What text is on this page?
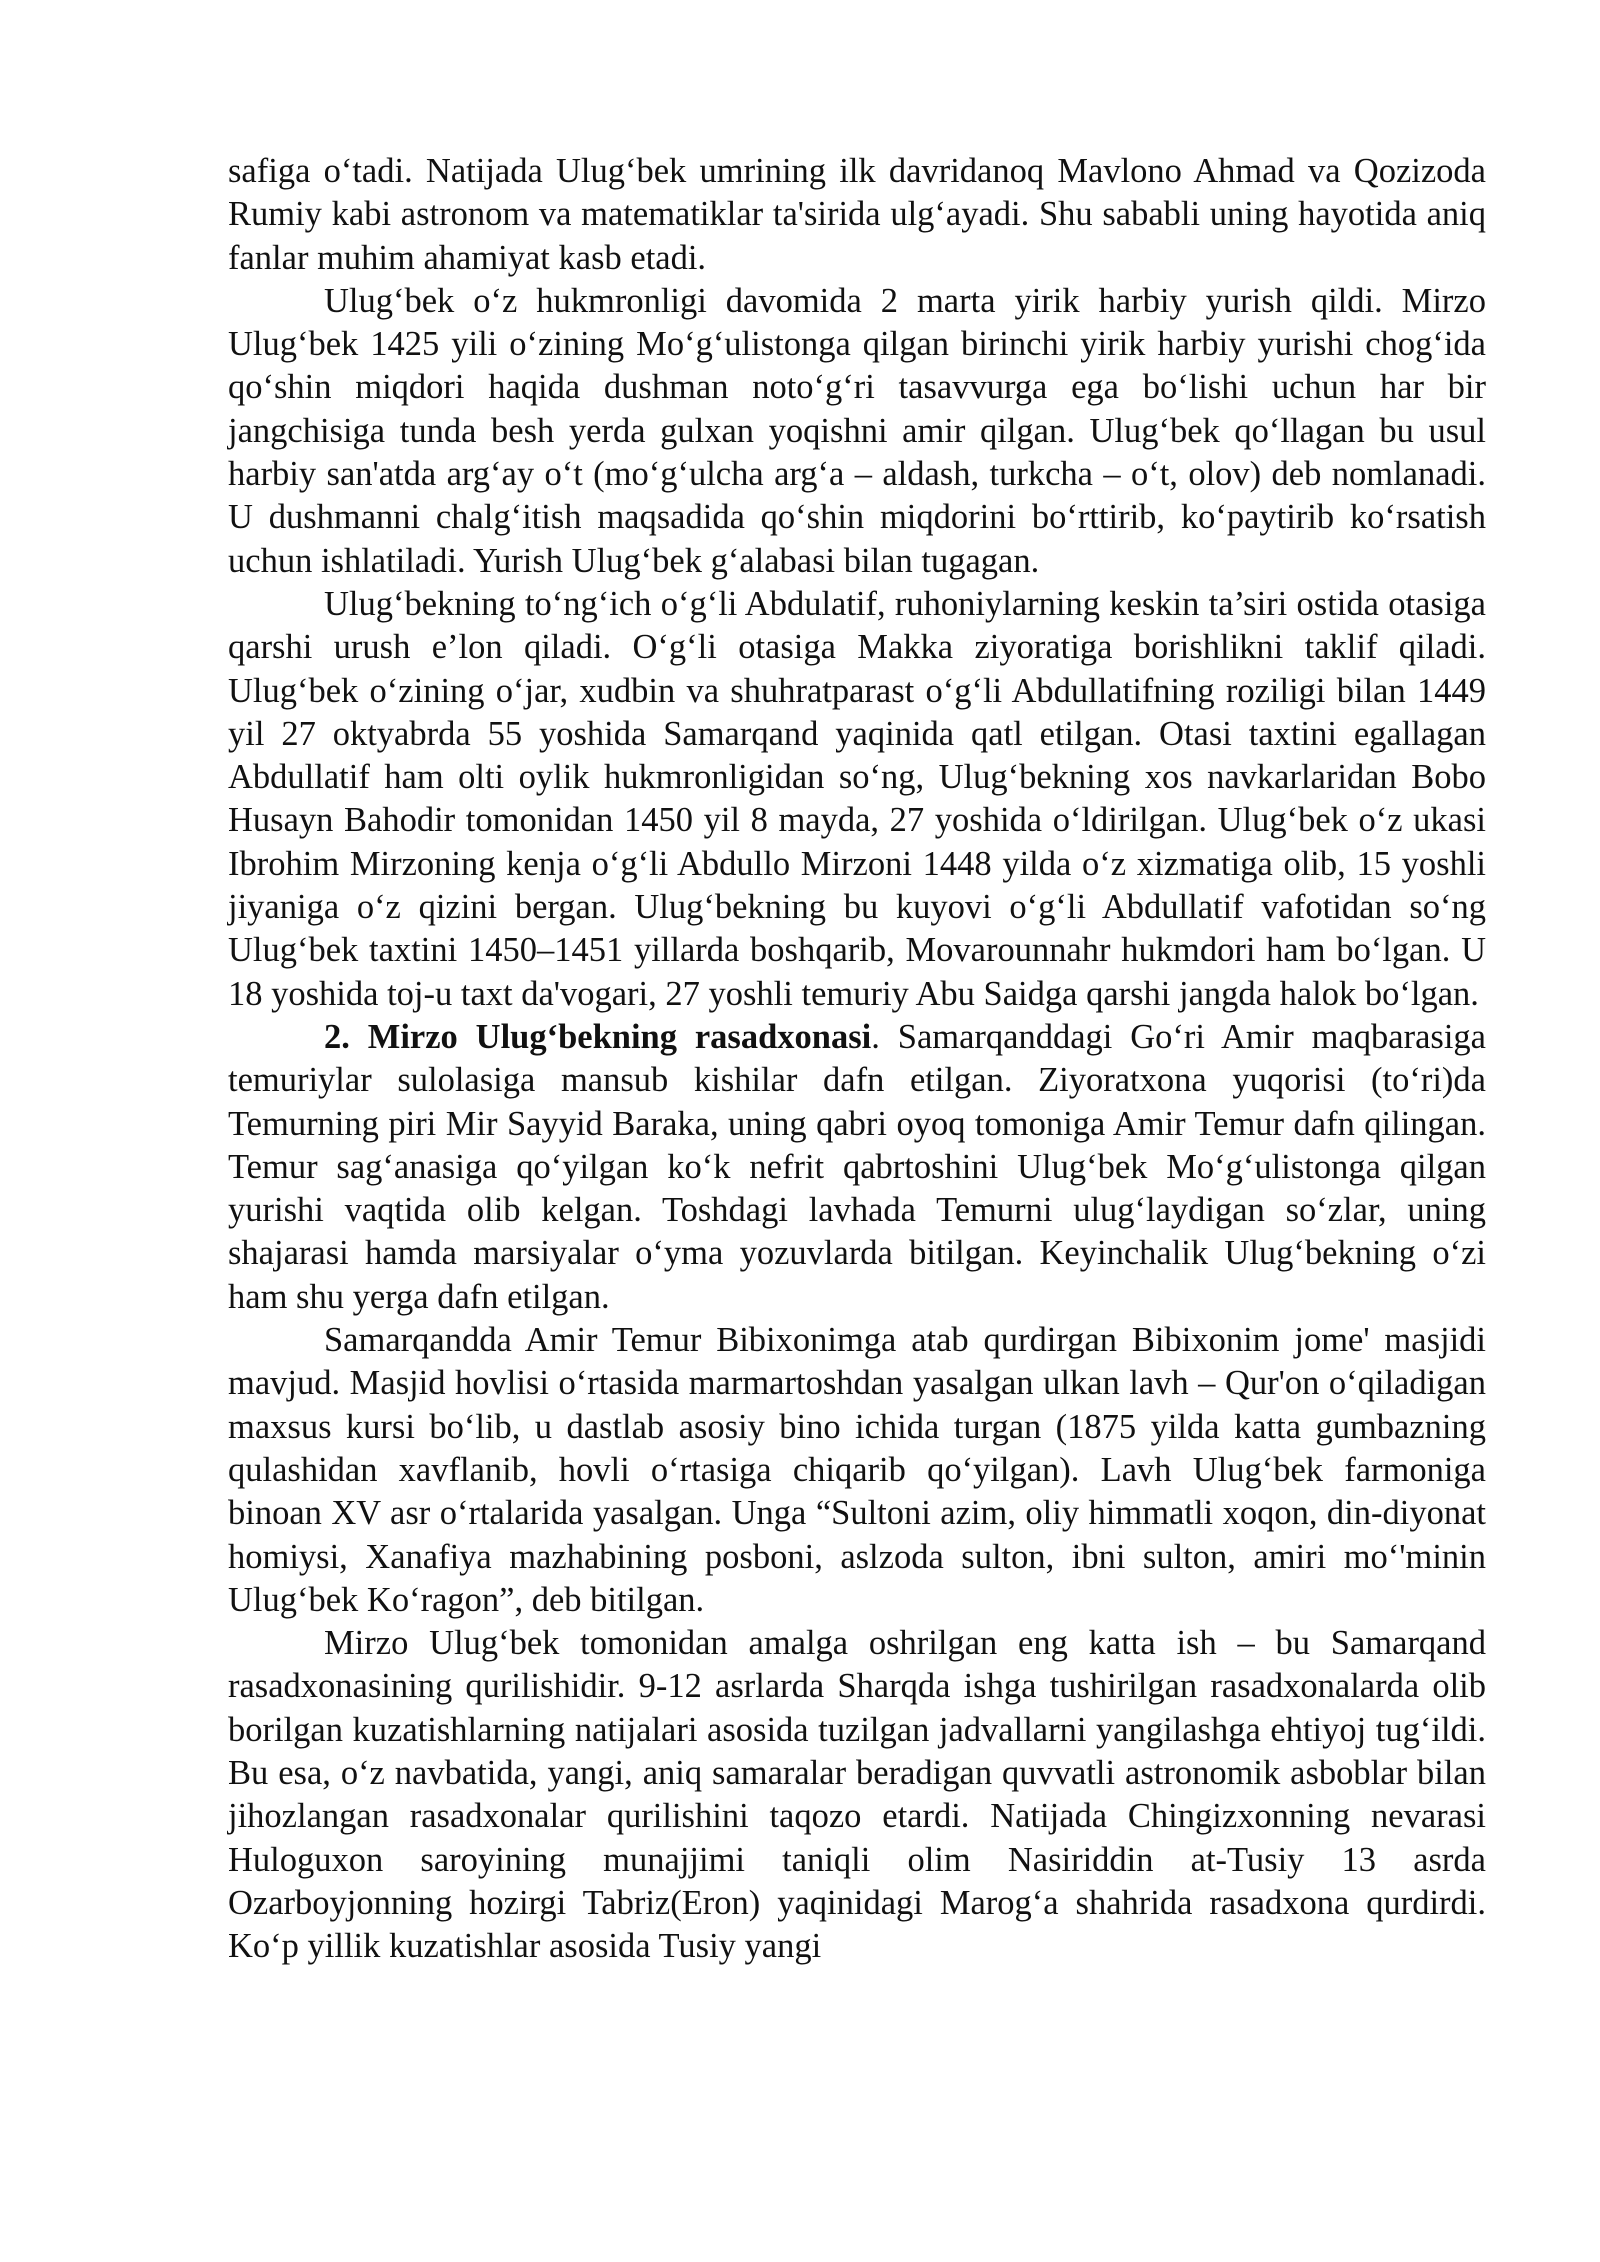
safiga o‘tadi. Natijada Ulug‘bek umrining ilk davridanoq Mavlono Ahmad va Qozizoda Rumiy kabi astronom va matematiklar ta'sirida ulg‘ayadi. Shu sababli uning hayotida aniq fanlar muhim ahamiyat kasb etadi.

Ulug‘bek o‘z hukmronligi davomida 2 marta yirik harbiy yurish qildi. Mirzo Ulug‘bek 1425 yili o‘zining Mo‘g‘ulistonga qilgan birinchi yirik harbiy yurishi chog‘ida qo‘shin miqdori haqida dushman noto‘g‘ri tasavvurga ega bo‘lishi uchun har bir jangchisiga tunda besh yerda gulxan yoqishni amir qilgan. Ulug‘bek qo‘llagan bu usul harbiy san'atda arg‘ay o‘t (mo‘g‘ulcha arg‘a – aldash, turkcha – o‘t, olov) deb nomlanadi. U dushmanni chalg‘itish maqsadida qo‘shin miqdorini bo‘rttirib, ko‘paytirib ko‘rsatish uchun ishlatiladi. Yurish Ulug‘bek g‘alabasi bilan tugagan.

Ulug‘bekning to‘ng‘ich o‘g‘li Abdulatif, ruhoniylarning keskin ta’siri ostida otasiga qarshi urush e’lon qiladi. O‘g‘li otasiga Makka ziyoratiga borishlikni taklif qiladi. Ulug‘bek o‘zining o‘jar, xudbin va shuhratparast o‘g‘li Abdullatifning roziligi bilan 1449 yil 27 oktyabrda 55 yoshida Samarqand yaqinida qatl etilgan. Otasi taxtini egallagan Abdullatif ham olti oylik hukmronligidan so‘ng, Ulug‘bekning xos navkarlaridan Bobo Husayn Bahodir tomonidan 1450 yil 8 mayda, 27 yoshida o‘ldirilgan. Ulug‘bek o‘z ukasi Ibrohim Mirzoning kenja o‘g‘li Abdullo Mirzoni 1448 yilda o‘z xizmatiga olib, 15 yoshli jiyaniga o‘z qizini bergan. Ulug‘bekning bu kuyovi o‘g‘li Abdullatif vafotidan so‘ng Ulug‘bek taxtini 1450–1451 yillarda boshqarib, Movarounnahr hukmdori ham bo‘lgan. U 18 yoshida toj-u taxt da'vogari, 27 yoshli temuriy Abu Saidga qarshi jangda halok bo‘lgan.

2. Mirzo Ulug‘bekning rasadxonasi. Samarqanddagi Go‘ri Amir maqbarasiga temuriylar sulolasiga mansub kishilar dafn etilgan. Ziyoratxona yuqorisi (to‘ri)da Temurning piri Mir Sayyid Baraka, uning qabri oyoq tomoniga Amir Temur dafn qilingan. Temur sag‘anasiga qo‘yilgan ko‘k nefrit qabrtoshini Ulug‘bek Mo‘g‘ulistonga qilgan yurishi vaqtida olib kelgan. Toshdagi lavhada Temurni ulug‘laydigan so‘zlar, uning shajarasi hamda marsiyalar o‘yma yozuvlarda bitilgan. Keyinchalik Ulug‘bekning o‘zi ham shu yerga dafn etilgan.

Samarqandda Amir Temur Bibixonimga atab qurdirgan Bibixonim jome' masjidi mavjud. Masjid hovlisi o‘rtasida marmartoshdan yasalgan ulkan lavh – Qur'on o‘qiladigan maxsus kursi bo‘lib, u dastlab asosiy bino ichida turgan (1875 yilda katta gumbazning qulashidan xavflanib, hovli o‘rtasiga chiqarib qo‘yilgan). Lavh Ulug‘bek farmoniga binoan XV asr o‘rtalarida yasalgan. Unga “Sultoni azim, oliy himmatli xoqon, din-diyonat homiysi, Xanafiya mazhabining posboni, aslzoda sulton, ibni sulton, amiri mo‘'minin Ulug‘bek Ko‘ragon”, deb bitilgan.

Mirzo Ulug‘bek tomonidan amalga oshrilgan eng katta ish – bu Samarqand rasadxonasining qurilishidir. 9-12 asrlarda Sharqda ishga tushirilgan rasadxonalarda olib borilgan kuzatishlarning natijalari asosida tuzilgan jadvallarni yangilashga ehtiyoj tug‘ildi. Bu esa, o‘z navbatida, yangi, aniq samaralar beradigan quvvatli astronomik asboblar bilan jihozlangan rasadxonalar qurilishini taqozo etardi. Natijada Chingizxonning nevarasi Huloguxon saroyining munajjimi taniqli olim Nasiriddin at-Tusiy 13 asrda Ozarboyjonning hozirgi Tabriz(Eron) yaqinidagi Marog‘a shahrida rasadxona qurdirdi. Ko‘p yillik kuzatishlar asosida Tusiy yangi
